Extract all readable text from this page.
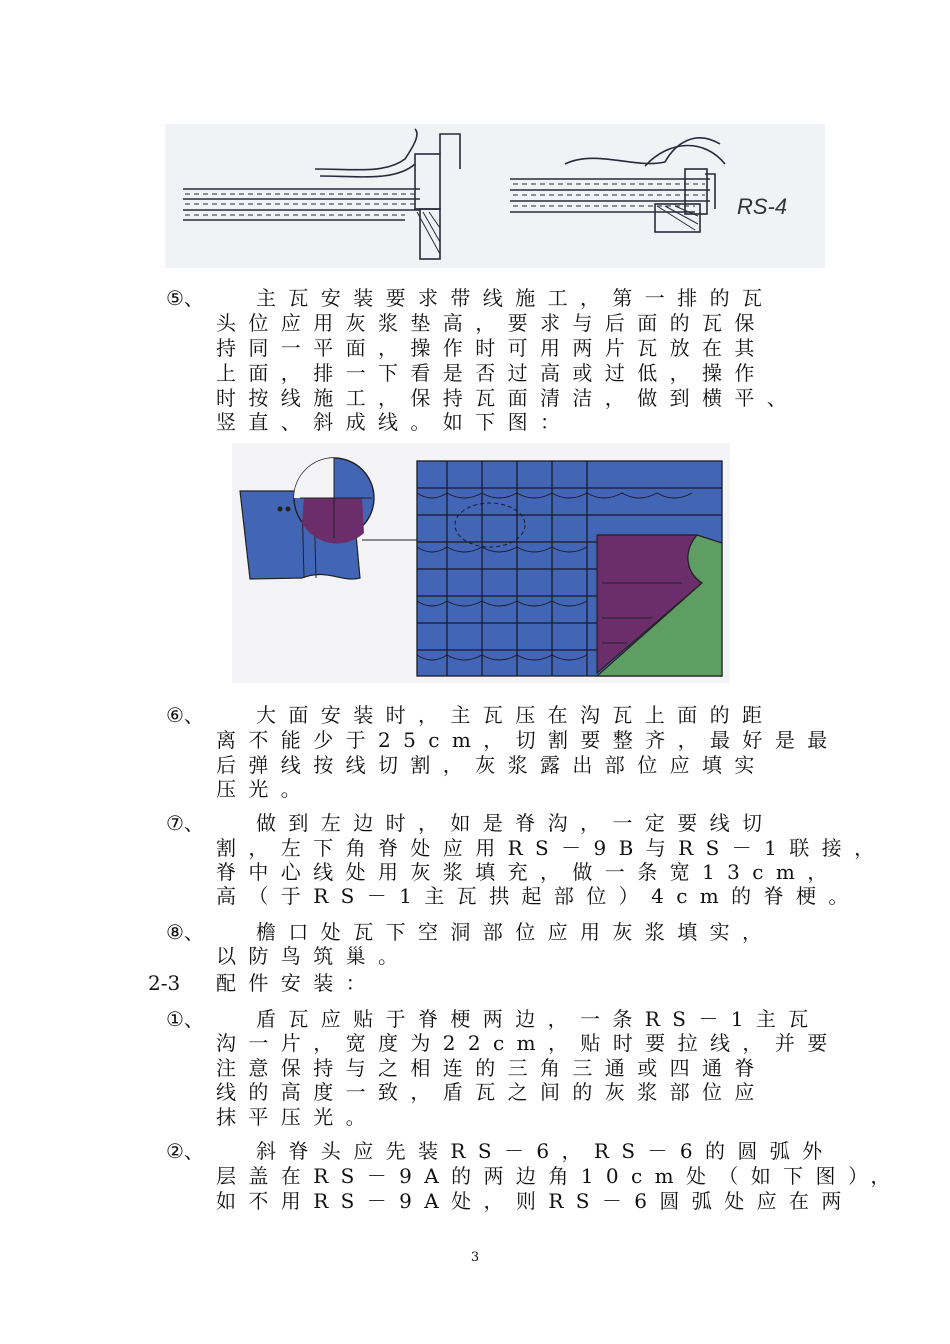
RS-4
⑤、	主瓦安装要求带线施工，第一排的瓦
头位应用灰浆垫高，要求与后面的瓦保
持同一平面，操作时可用两片瓦放在其
上面，排一下看是否过高或过低，操作
时按线施工，保持瓦面清洁，做到横平、
竖直、斜成线。如下图：
⑥、	大面安装时，主瓦压在沟瓦上面的距
离不能少于25cm，切割要整齐，最好是最
后弹线按线切割，灰浆露出部位应填实
压光。
⑦、	做到左边时，如是脊沟，一定要线切
割，左下角脊处应用RS－9B与RS－1联接，
脊中心线处用灰浆填充，做一条宽13cm，
高（于RS－1主瓦拱起部位）4cm的脊梗。
⑧、	檐口处瓦下空洞部位应用灰浆填实，
以防鸟筑巢。
2-3 配件安装：
①、	盾瓦应贴于脊梗两边，一条RS－1主瓦
沟一片，宽度为22cm，贴时要拉线，并要
注意保持与之相连的三角三通或四通脊
线的高度一致，盾瓦之间的灰浆部位应
抹平压光。
②、	斜脊头应先装RS－6，RS－6的圆弧外
层盖在RS－9A的两边角10cm处（如下图），
如不用RS－9A处，则RS－6圆弧处应在两
3
